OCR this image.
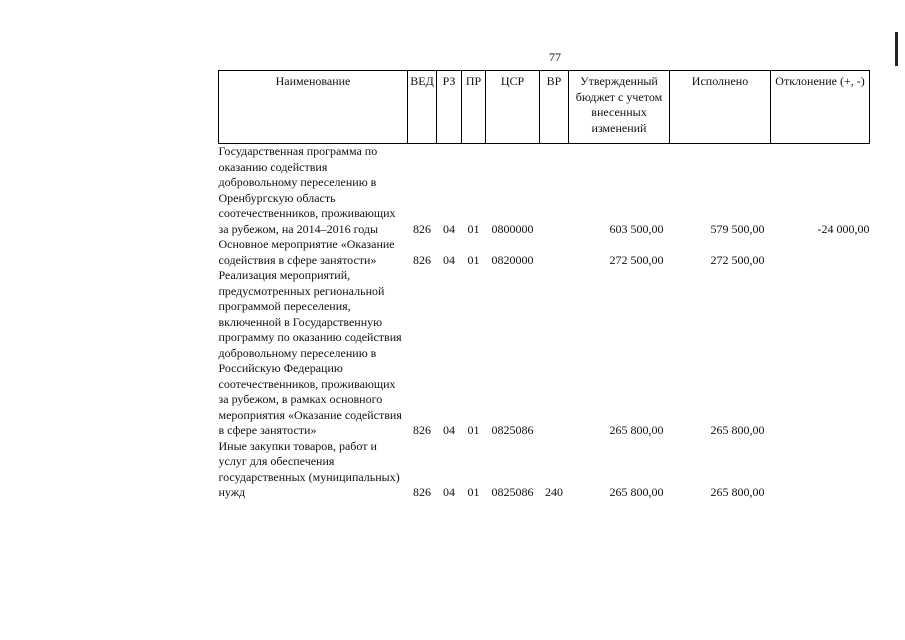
77
Наименование	ВЕД	РЗ	ПР	ЦСР	ВР	Утвержденный бюджет с учетом внесенных изменений	Исполнено	Отклонение (+, -)
Государственная программа по оказанию содействия добровольному переселению в Оренбургскую область соотечественников, проживающих за рубежом, на 2014–2016 годы	826	04	01	0800000		603 500,00	579 500,00	-24 000,00
Основное мероприятие «Оказание содействия в сфере занятости»	826	04	01	0820000		272 500,00	272 500,00	
Реализация мероприятий, предусмотренных региональной программой переселения, включенной в Государственную программу по оказанию содействия добровольному переселению в Российскую Федерацию соотечественников, проживающих за рубежом, в рамках основного мероприятия «Оказание содействия в сфере занятости»	826	04	01	0825086		265 800,00	265 800,00	
Иные закупки товаров, работ и услуг для обеспечения государственных (муниципальных) нужд	826	04	01	0825086	240	265 800,00	265 800,00	
